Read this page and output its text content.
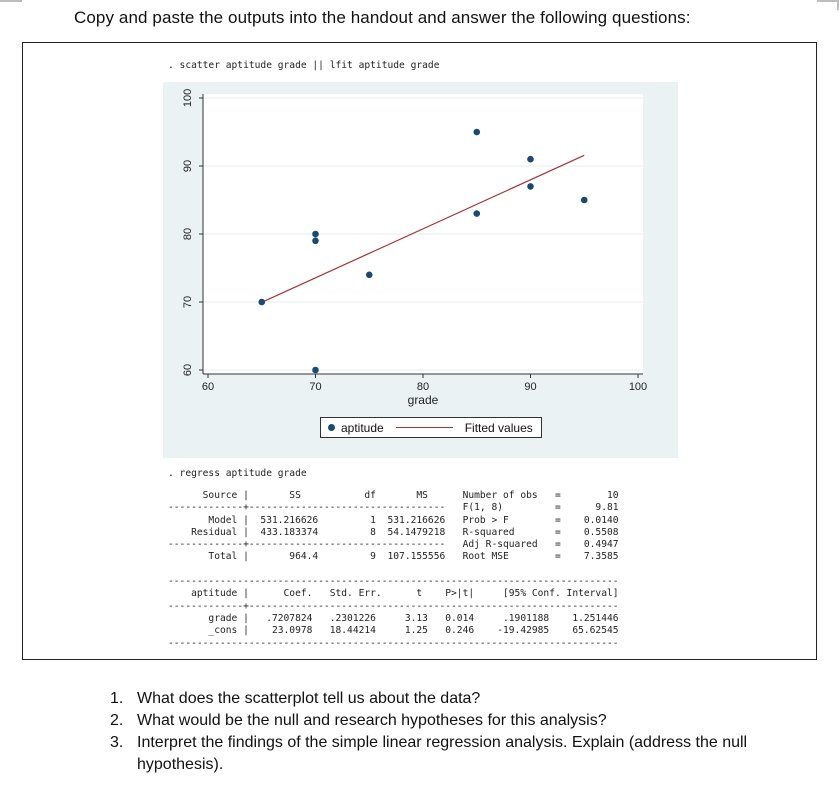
Copy and paste the outputs into the handout and answer the following questions:
. scatter aptitude grade || lfit aptitude grade
60
70
80
90
100
60	70	80	90	100
grade
aptitude	Fitted values
. regress aptitude grade
Source |       SS           df       MS      Number of obs   =        10
-------------+----------------------------------   F(1, 8)         =      9.81
Model |  531.216626         1  531.216626   Prob > F        =    0.0140
Residual |  433.183374         8  54.1479218   R-squared       =    0.5508
-------------+----------------------------------   Adj R-squared   =    0.4947
Total |       964.4         9  107.155556   Root MSE        =    7.3585

------------------------------------------------------------------------------
aptitude |      Coef.   Std. Err.      t    P>|t|     [95% Conf. Interval]
-------------+----------------------------------------------------------------
grade |   .7207824   .2301226     3.13   0.014     .1901188    1.251446
_cons |    23.0978   18.44214     1.25   0.246    -19.42985    65.62545
------------------------------------------------------------------------------
1. What does the scatterplot tell us about the data?
2. What would be the null and research hypotheses for this analysis?
3. Interpret the findings of the simple linear regression analysis. Explain (address the null hypothesis).
